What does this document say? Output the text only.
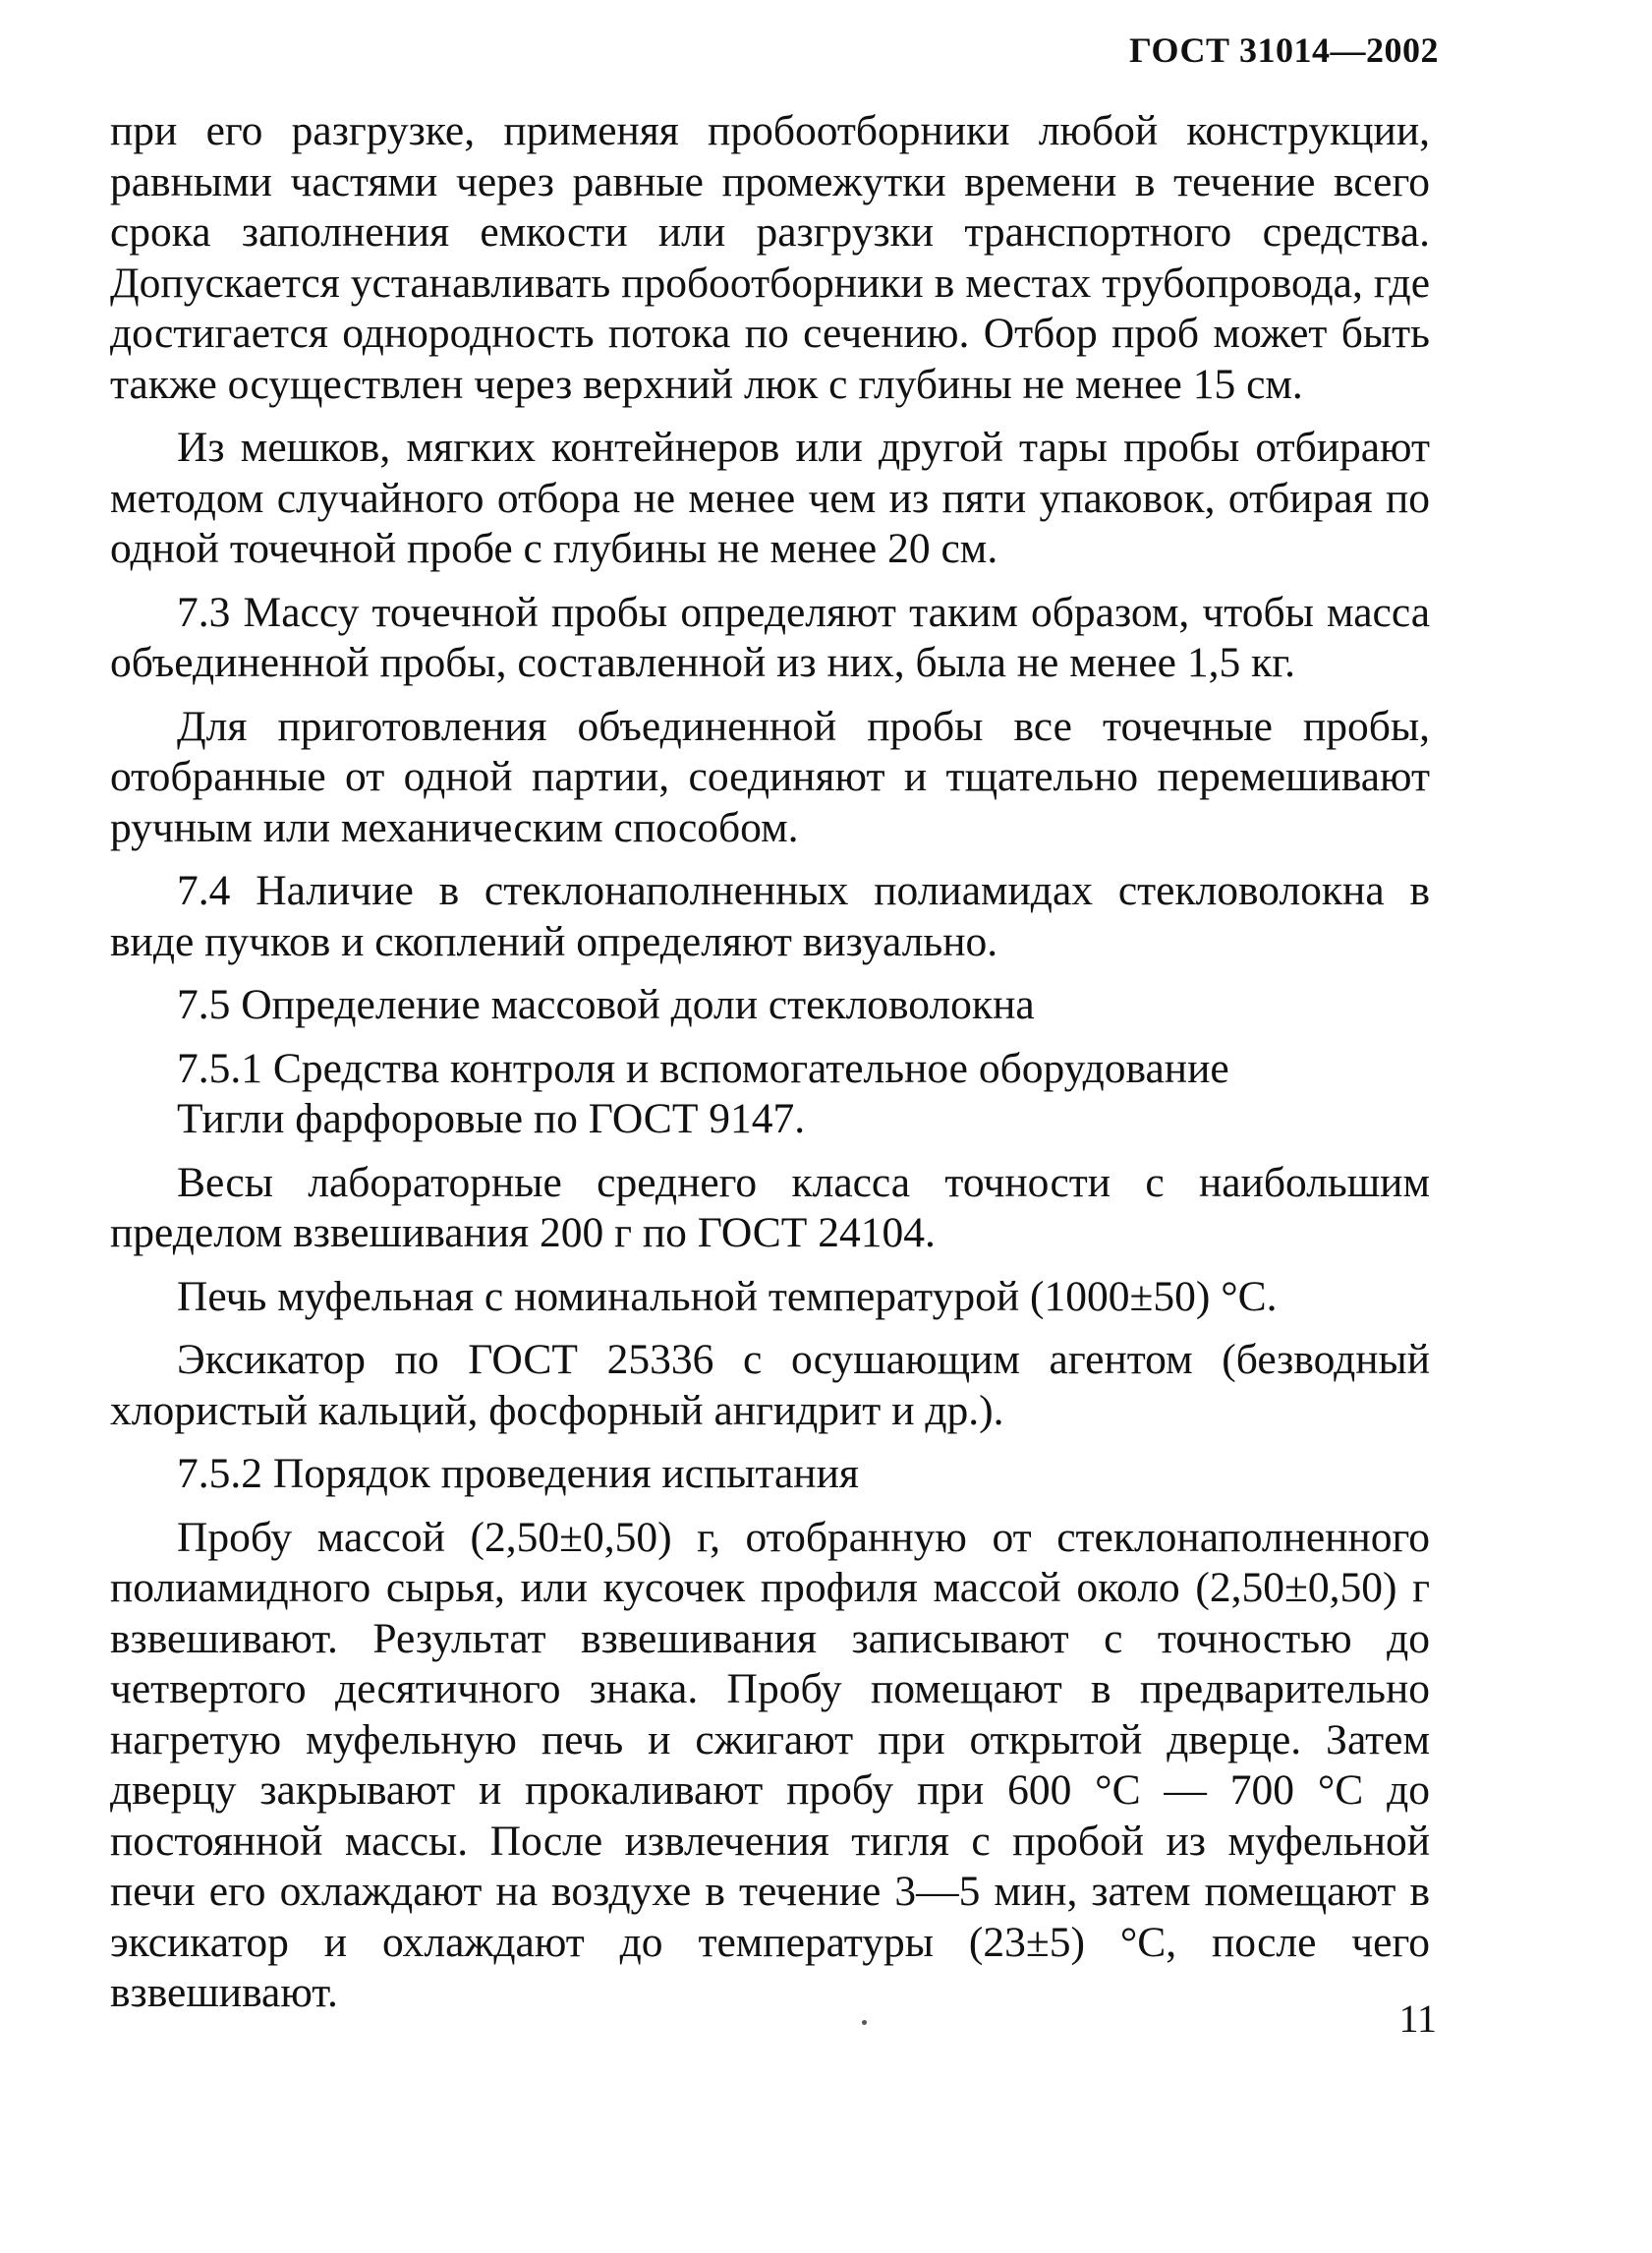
ГОСТ 31014—2002

при его разгрузке, применяя пробоотборники любой конструкции, равными частями через равные промежутки времени в течение всего срока заполнения емкости или разгрузки транспортного средства. Допускается устанавливать пробоотборники в местах трубопровода, где достигается однородность потока по сечению. Отбор проб может быть также осуществлен через верхний люк с глубины не менее 15 см.

Из мешков, мягких контейнеров или другой тары пробы отбирают методом случайного отбора не менее чем из пяти упаковок, отбирая по одной точечной пробе с глубины не менее 20 см.

7.3 Массу точечной пробы определяют таким образом, чтобы масса объединенной пробы, составленной из них, была не менее 1,5 кг.

Для приготовления объединенной пробы все точечные пробы, отобранные от одной партии, соединяют и тщательно перемешивают ручным или механическим способом.

7.4 Наличие в стеклонаполненных полиамидах стекловолокна в виде пучков и скоплений определяют визуально.

7.5 Определение массовой доли стекловолокна

7.5.1 Средства контроля и вспомогательное оборудование

Тигли фарфоровые по ГОСТ 9147.

Весы лабораторные среднего класса точности с наибольшим пределом взвешивания 200 г по ГОСТ 24104.

Печь муфельная с номинальной температурой (1000±50) °С.

Эксикатор по ГОСТ 25336 с осушающим агентом (безводный хлористый кальций, фосфорный ангидрит и др.).

7.5.2 Порядок проведения испытания

Пробу массой (2,50±0,50) г, отобранную от стеклонаполненного полиамидного сырья, или кусочек профиля массой около (2,50±0,50) г взвешивают. Результат взвешивания записывают с точностью до четвертого десятичного знака. Пробу помещают в предварительно нагретую муфельную печь и сжигают при открытой дверце. Затем дверцу закрывают и прокаливают пробу при 600 °С — 700 °С до постоянной массы. После извлечения тигля с пробой из муфельной печи его охлаждают на воздухе в течение 3—5 мин, затем помещают в эксикатор и охлаждают до температуры (23±5) °С, после чего взвешивают.

11
